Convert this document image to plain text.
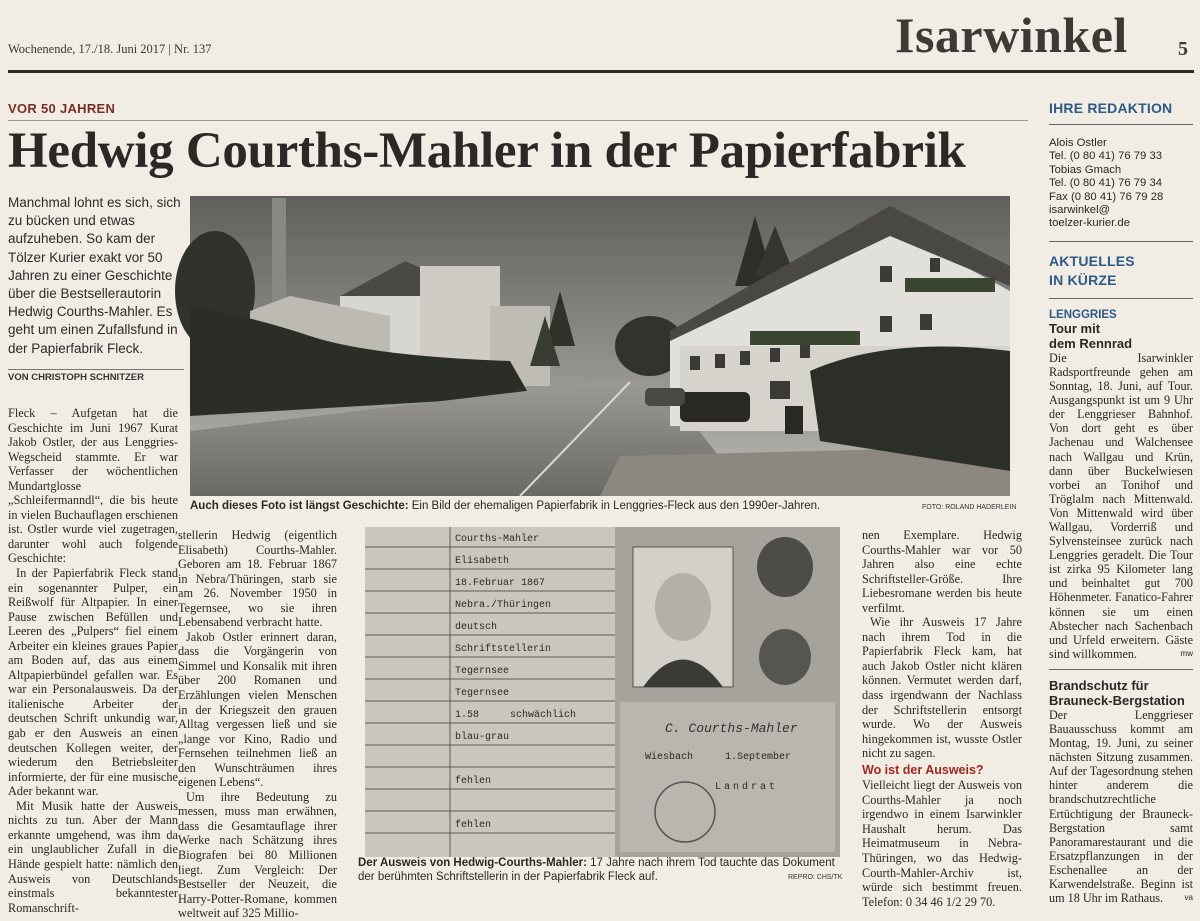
Wochenende, 17./18. Juni 2017 | Nr. 137	Isarwinkel	5
VOR 50 JAHREN
Hedwig Courths-Mahler in der Papierfabrik
Manchmal lohnt es sich, sich zu bücken und etwas aufzuheben. So kam der Tölzer Kurier exakt vor 50 Jahren zu einer Geschichte über die Bestsellerautorin Hedwig Courths-Mahler. Es geht um einen Zufallsfund in der Papierfabrik Fleck.
VON CHRISTOPH SCHNITZER

Fleck – Aufgetan hat die Geschichte im Juni 1967 Kurat Jakob Ostler, der aus Lenggries-Wegscheid stammte. Er war Verfasser der wöchentlichen Mundartglosse „Schleifermanndl“, die bis heute in vielen Buchauflagen erschienen ist. Ostler wurde viel zugetragen, darunter wohl auch folgende Geschichte:

In der Papierfabrik Fleck stand ein sogenannter Pulper, ein Reißwolf für Altpapier. In einer Pause zwischen Befüllen und Leeren des „Pulpers“ fiel einem Arbeiter ein kleines graues Papier am Boden auf, das aus einem Altpapierbündel gefallen war. Es war ein Personalausweis. Da der italienische Arbeiter der deutschen Schrift unkundig war, gab er den Ausweis an einen deutschen Kollegen weiter, der wiederum den Betriebsleiter informierte, der für eine musische Ader bekannt war.

Mit Musik hatte der Ausweis nichts zu tun. Aber der Mann erkannte umgehend, was ihm da ein unglaublicher Zufall in die Hände gespielt hatte: nämlich den Ausweis von Deutschlands einstmals bekanntester Romanschrift-

Auch dieses Foto ist längst Geschichte: Ein Bild der ehemaligen Papierfabrik in Lenggries-Fleck aus den 1990er-Jahren.	FOTO: ROLAND HADERLEIN

stellerin Hedwig (eigentlich Elisabeth) Courths-Mahler. Geboren am 18. Februar 1867 in Nebra/Thüringen, starb sie am 26. November 1950 in Tegernsee, wo sie ihren Lebensabend verbracht hatte.

Jakob Ostler erinnert daran, dass die Vorgängerin von Simmel und Konsalik mit ihren über 200 Romanen und Erzählungen vielen Menschen in der Kriegszeit den grauen Alltag vergessen ließ und sie „lange vor Kino, Radio und Fernsehen teilnehmen ließ an den Wunschträumen ihres eigenen Lebens“.

Um ihre Bedeutung zu messen, muss man erwähnen, dass die Gesamtauflage ihrer Werke nach Schätzung ihres Biografen bei 80 Millionen liegt. Zum Vergleich: Der Bestseller der Neuzeit, die Harry-Potter-Romane, kommen weltweit auf 325 Millio-

Courths-Mahler
Elisabeth
18.Februar 1867
Nebra./Thüringen
deutsch
Schriftstellerin
Tegernsee
Tegernsee
1.58	schwächlich
blau-grau
fehlen
fehlen
C. Courths-Mahler
Wiesbach	1.September
Landrat
Der Ausweis von Hedwig-Courths-Mahler: 17 Jahre nach ihrem Tod tauchte das Dokument der berühmten Schriftstellerin in der Papierfabrik Fleck auf.	REPRO: CHS/TK

nen Exemplare. Hedwig Courths-Mahler war vor 50 Jahren also eine echte Schriftsteller-Größe. Ihre Liebesromane werden bis heute verfilmt.

Wie ihr Ausweis 17 Jahre nach ihrem Tod in die Papierfabrik Fleck kam, hat auch Jakob Ostler nicht klären können. Vermutet werden darf, dass irgendwann der Nachlass der Schriftstellerin entsorgt wurde. Wo der Ausweis hingekommen ist, wusste Ostler nicht zu sagen.

Wo ist der Ausweis?

Vielleicht liegt der Ausweis von Courths-Mahler ja noch irgendwo in einem Isarwinkler Haushalt herum. Das Heimatmuseum in Nebra-Thüringen, wo das Hedwig-Courth-Mahler-Archiv ist, würde sich bestimmt freuen. Telefon: 0 34 46 1/2 29 70.

IHRE REDAKTION
Alois Ostler
Tel. (0 80 41) 76 79 33
Tobias Gmach
Tel. (0 80 41) 76 79 34
Fax (0 80 41) 76 79 28
isarwinkel@
toelzer-kurier.de
AKTUELLES
IN KÜRZE
LENGGRIES
Tour mit
dem Rennrad
Die Isarwinkler Radsportfreunde gehen am Sonntag, 18. Juni, auf Tour. Ausgangspunkt ist um 9 Uhr der Lenggrieser Bahnhof. Von dort geht es über Jachenau und Walchensee nach Wallgau und Krün, dann über Buckelwiesen vorbei an Tonihof und Tröglalm nach Mittenwald. Von Mittenwald wird über Wallgau, Vorderriß und Sylvensteinsee zurück nach Lenggries geradelt. Die Tour ist zirka 95 Kilometer lang und beinhaltet gut 700 Höhenmeter. Fanatico-Fahrer können sie um einen Abstecher nach Sachenbach und Urfeld erweitern. Gäste sind willkommen.	mw
Brandschutz für
Brauneck-Bergstation
Der Lenggrieser Bauausschuss kommt am Montag, 19. Juni, zu seiner nächsten Sitzung zusammen. Auf der Tagesordnung stehen hinter anderem die brandschutzrechtliche Ertüchtigung der Brauneck-Bergstation samt Panoramarestaurant und die Ersatzpflanzungen in der Eschenallee an der Karwendelstraße. Beginn ist um 18 Uhr im Rathaus.	va
